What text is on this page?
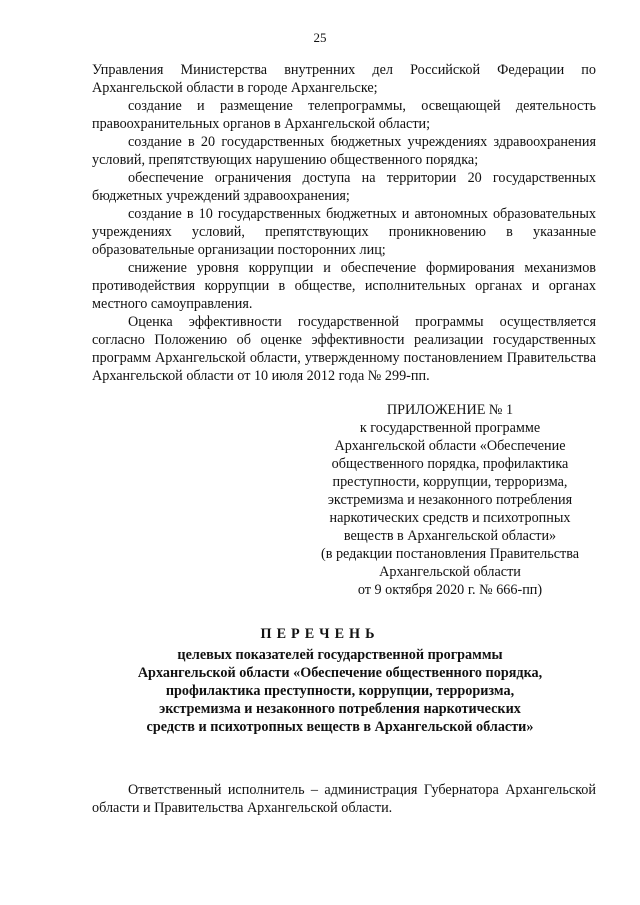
25

Управления Министерства внутренних дел Российской Федерации по Архангельской области в городе Архангельске;

создание и размещение телепрограммы, освещающей деятельность правоохранительных органов в Архангельской области;

создание в 20 государственных бюджетных учреждениях здравоохранения условий, препятствующих нарушению общественного порядка;

обеспечение ограничения доступа на территории 20 государственных бюджетных учреждений здравоохранения;

создание в 10 государственных бюджетных и автономных образовательных учреждениях условий, препятствующих проникновению в указанные образовательные организации посторонних лиц;

снижение уровня коррупции и обеспечение формирования механизмов противодействия коррупции в обществе, исполнительных органах и органах местного самоуправления.

Оценка эффективности государственной программы осуществляется согласно Положению об оценке эффективности реализации государственных программ Архангельской области, утвержденному постановлением Правительства Архангельской области от 10 июля 2012 года № 299-пп.

ПРИЛОЖЕНИЕ № 1
к государственной программе
Архангельской области «Обеспечение
общественного порядка, профилактика
преступности, коррупции, терроризма,
экстремизма и незаконного потребления
наркотических средств и психотропных
веществ в Архангельской области»
(в редакции постановления Правительства
Архангельской области
от 9 октября 2020 г. № 666-пп)
ПЕРЕЧЕНЬ
целевых показателей государственной программы
Архангельской области «Обеспечение общественного порядка,
профилактика преступности, коррупции, терроризма,
экстремизма и незаконного потребления наркотических
средств и психотропных веществ в Архангельской области»

Ответственный исполнитель – администрация Губернатора Архангельской области и Правительства Архангельской области.
